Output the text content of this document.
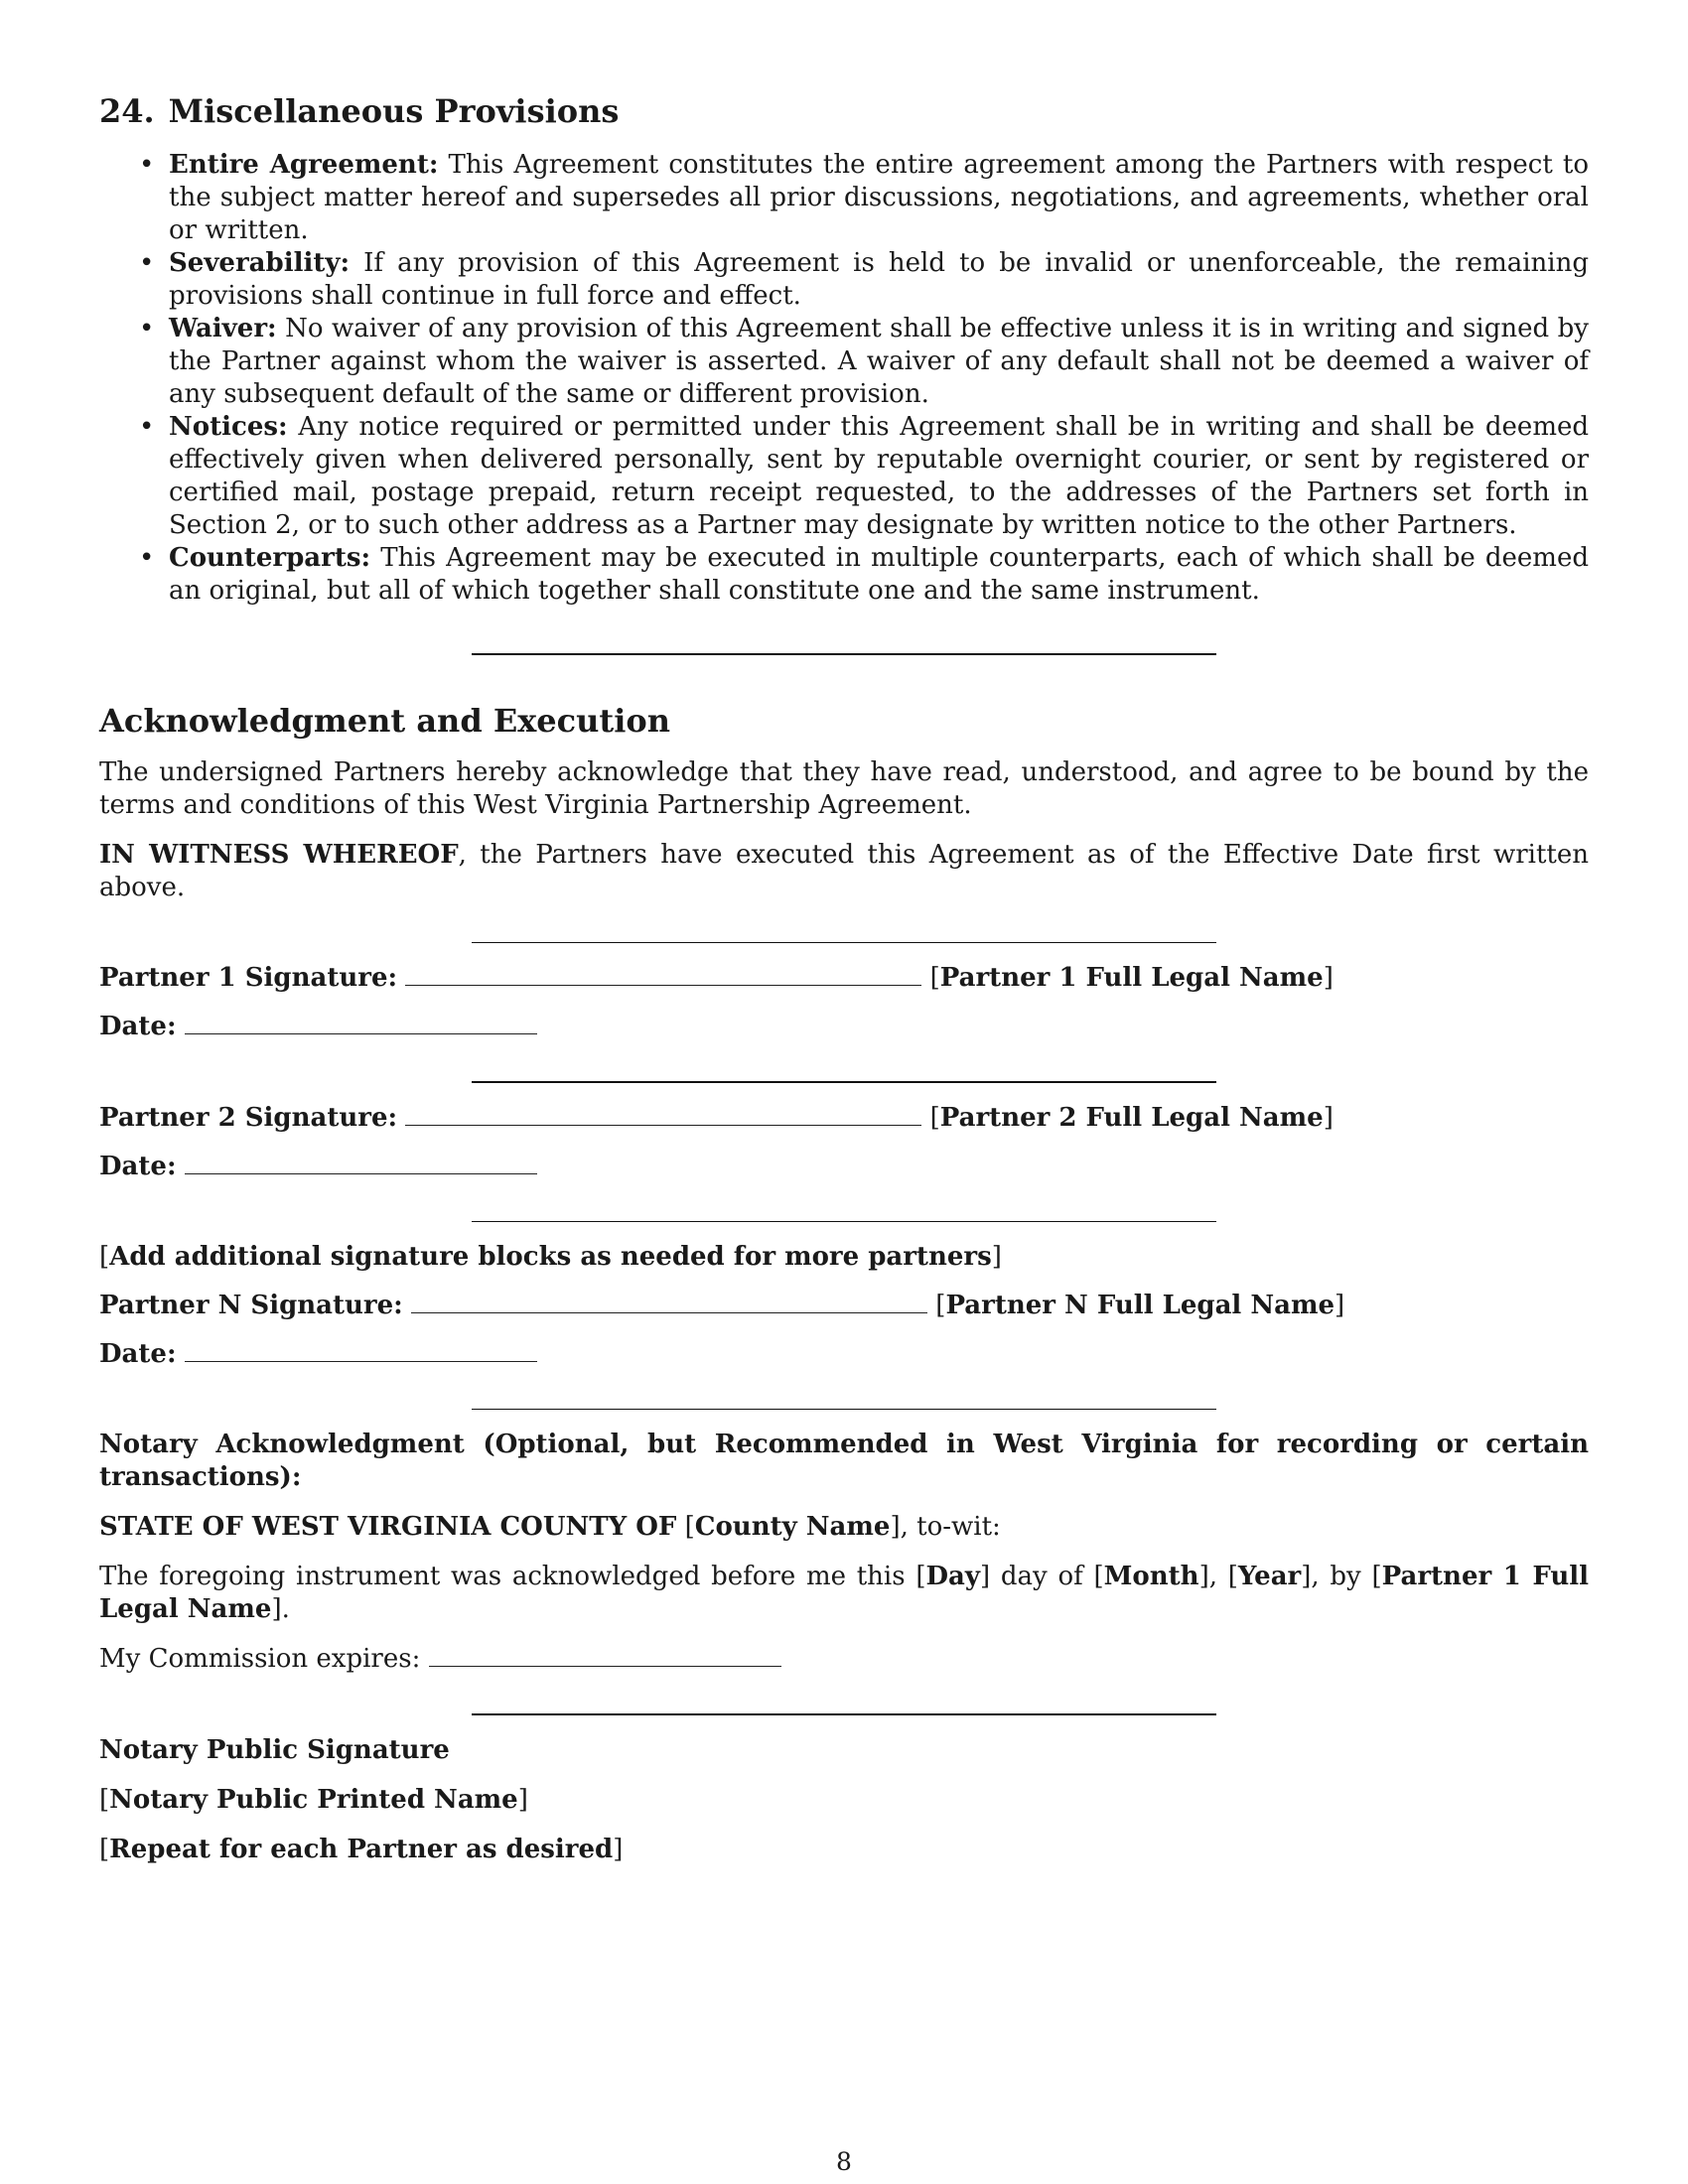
24. Miscellaneous Provisions
• Entire Agreement: This Agreement constitutes the entire agreement among the Partners with respect to the subject matter hereof and supersedes all prior discussions, negotiations, and agreements, whether oral or written.
• Severability: If any provision of this Agreement is held to be invalid or unenforceable, the remaining provisions shall continue in full force and effect.
• Waiver: No waiver of any provision of this Agreement shall be effective unless it is in writing and signed by the Partner against whom the waiver is asserted. A waiver of any default shall not be deemed a waiver of any subsequent default of the same or different provision.
• Notices: Any notice required or permitted under this Agreement shall be in writing and shall be deemed effectively given when delivered personally, sent by reputable overnight courier, or sent by registered or certified mail, postage prepaid, return receipt requested, to the addresses of the Partners set forth in Section 2, or to such other address as a Partner may designate by written notice to the other Partners.
• Counterparts: This Agreement may be executed in multiple counterparts, each of which shall be deemed an original, but all of which together shall constitute one and the same instrument.
Acknowledgment and Execution

The undersigned Partners hereby acknowledge that they have read, understood, and agree to be bound by the terms and conditions of this West Virginia Partnership Agreement.

IN WITNESS WHEREOF, the Partners have executed this Agreement as of the Effective Date first written above.

Partner 1 Signature:	[Partner 1 Full Legal Name]

Date:

Partner 2 Signature:	[Partner 2 Full Legal Name]

Date:

[Add additional signature blocks as needed for more partners]

Partner N Signature:	[Partner N Full Legal Name]

Date:

Notary Acknowledgment (Optional, but Recommended in West Virginia for recording or certain transactions):

STATE OF WEST VIRGINIA COUNTY OF [County Name], to-wit:

The foregoing instrument was acknowledged before me this [Day] day of [Month], [Year], by [Partner 1 Full Legal Name].

My Commission expires:

Notary Public Signature

[Notary Public Printed Name]

[Repeat for each Partner as desired]

8
